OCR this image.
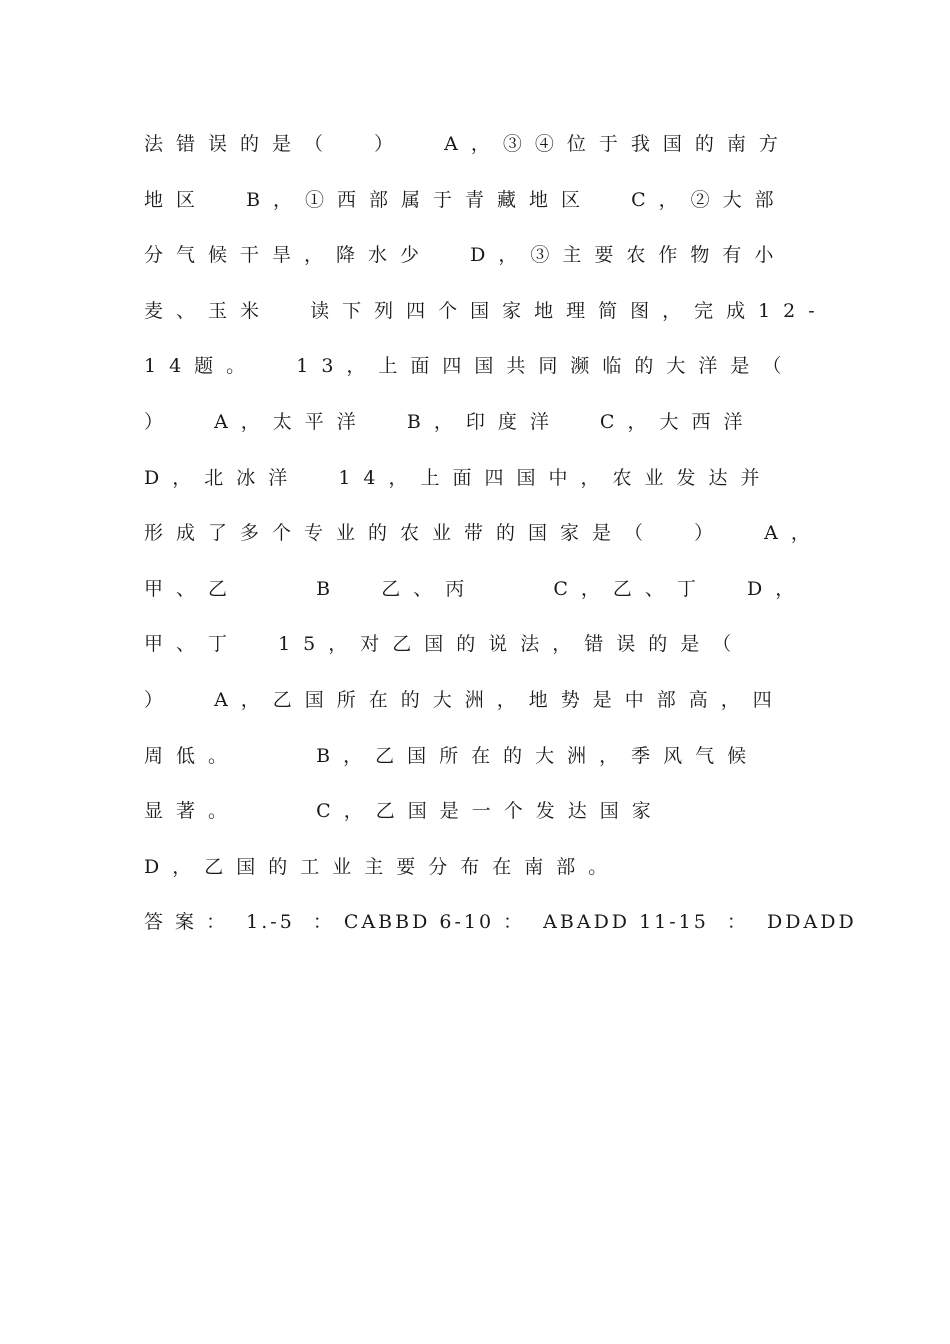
法错误的是（  ）  A，③④位于我国的南方
地区  B，①西部属于青藏地区  C，②大部
分气候干旱，降水少  D，③主要农作物有小
麦、玉米  读下列四个国家地理简图，完成12-
14题。  13，上面四国共同濒临的大洋是（
）  A，太平洋  B，印度洋  C，大西洋
D，北冰洋  14，上面四国中，农业发达并
形成了多个专业的农业带的国家是（  ）  A，
甲、乙    B  乙、丙    C，乙、丁  D，
甲、丁  15，对乙国的说法，错误的是（
）  A，乙国所在的大洲，地势是中部高，四
周低。    B，乙国所在的大洲，季风气候
显著。    C，乙国是一个发达国家
D，乙国的工业主要分布在南部。
答 案 ：  1.-5  ： CABBD 6-10 ：  ABADD 11-15  ：  DDADD
